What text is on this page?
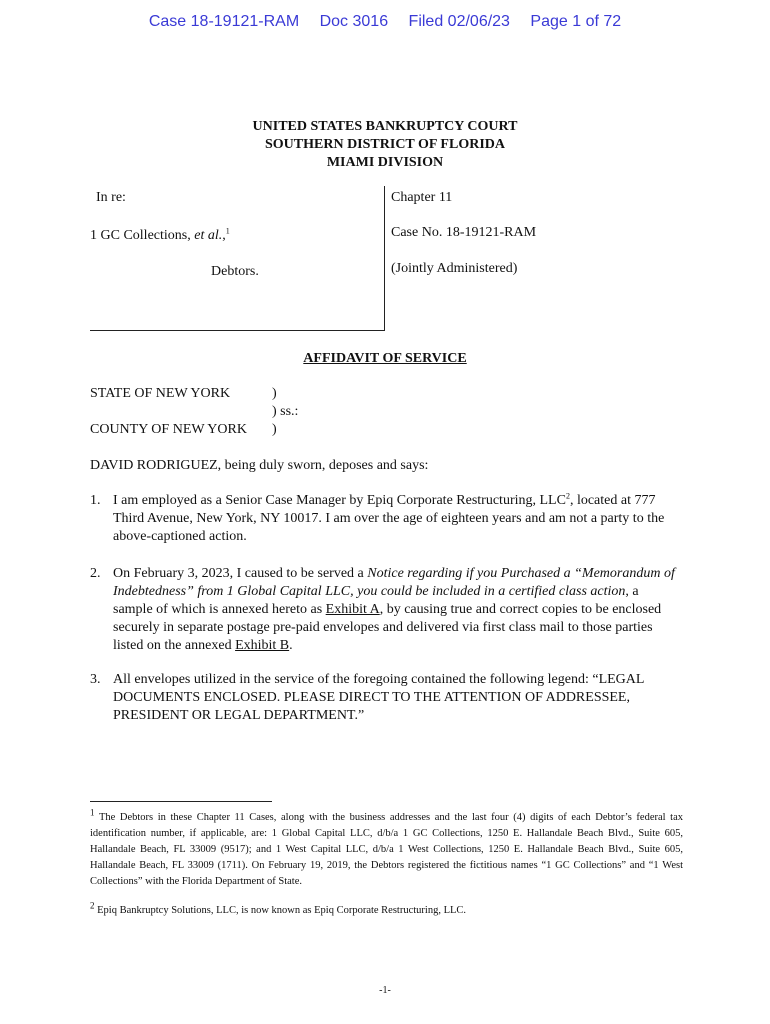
Case 18-19121-RAM Doc 3016 Filed 02/06/23 Page 1 of 72
UNITED STATES BANKRUPTCY COURT
SOUTHERN DISTRICT OF FLORIDA
MIAMI DIVISION
In re:
1 GC Collections, et al.,$^1$
Debtors.
Chapter 11
Case No. 18-19121-RAM
(Jointly Administered)
AFFIDAVIT OF SERVICE
STATE OF NEW YORK	)
) ss.:
COUNTY OF NEW YORK )
DAVID RODRIGUEZ, being duly sworn, deposes and says:
1. I am employed as a Senior Case Manager by Epiq Corporate Restructuring, LLC$^2$, located at 777 Third Avenue, New York, NY 10017. I am over the age of eighteen years and am not a party to the above-captioned action.
2. On February 3, 2023, I caused to be served a Notice regarding if you Purchased a “Memorandum of Indebtedness” from 1 Global Capital LLC, you could be included in a certified class action, a sample of which is annexed hereto as Exhibit A, by causing true and correct copies to be enclosed securely in separate postage pre-paid envelopes and delivered via first class mail to those parties listed on the annexed Exhibit B.
3. All envelopes utilized in the service of the foregoing contained the following legend: “LEGAL DOCUMENTS ENCLOSED. PLEASE DIRECT TO THE ATTENTION OF ADDRESSEE, PRESIDENT OR LEGAL DEPARTMENT.”
$^1$ The Debtors in these Chapter 11 Cases, along with the business addresses and the last four (4) digits of each Debtor’s federal tax identification number, if applicable, are: 1 Global Capital LLC, d/b/a 1 GC Collections, 1250 E. Hallandale Beach Blvd., Suite 605, Hallandale Beach, FL 33009 (9517); and 1 West Capital LLC, d/b/a 1 West Collections, 1250 E. Hallandale Beach Blvd., Suite 605, Hallandale Beach, FL 33009 (1711). On February 19, 2019, the Debtors registered the fictitious names “1 GC Collections” and “1 West Collections” with the Florida Department of State.
$^2$ Epiq Bankruptcy Solutions, LLC, is now known as Epiq Corporate Restructuring, LLC.
-1-
